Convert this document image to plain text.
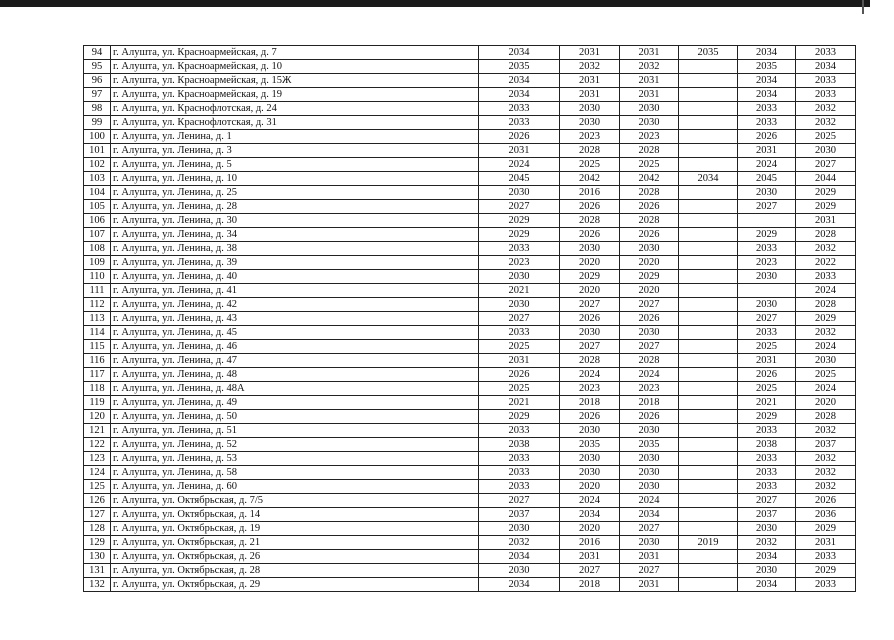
94	г. Алушта, ул. Красноармейская, д. 7	2034	2031	2031	2035	2034	2033
95	г. Алушта, ул. Красноармейская, д. 10	2035	2032	2032		2035	2034
96	г. Алушта, ул. Красноармейская, д. 15Ж	2034	2031	2031		2034	2033
97	г. Алушта, ул. Красноармейская, д. 19	2034	2031	2031		2034	2033
98	г. Алушта, ул. Краснофлотская, д. 24	2033	2030	2030		2033	2032
99	г. Алушта, ул. Краснофлотская, д. 31	2033	2030	2030		2033	2032
100	г. Алушта, ул. Ленина, д. 1	2026	2023	2023		2026	2025
101	г. Алушта, ул. Ленина, д. 3	2031	2028	2028		2031	2030
102	г. Алушта, ул. Ленина, д. 5	2024	2025	2025		2024	2027
103	г. Алушта, ул. Ленина, д. 10	2045	2042	2042	2034	2045	2044
104	г. Алушта, ул. Ленина, д. 25	2030	2016	2028		2030	2029
105	г. Алушта, ул. Ленина, д. 28	2027	2026	2026		2027	2029
106	г. Алушта, ул. Ленина, д. 30	2029	2028	2028			2031
107	г. Алушта, ул. Ленина, д. 34	2029	2026	2026		2029	2028
108	г. Алушта, ул. Ленина, д. 38	2033	2030	2030		2033	2032
109	г. Алушта, ул. Ленина, д. 39	2023	2020	2020		2023	2022
110	г. Алушта, ул. Ленина, д. 40	2030	2029	2029		2030	2033
111	г. Алушта, ул. Ленина, д. 41	2021	2020	2020			2024
112	г. Алушта, ул. Ленина, д. 42	2030	2027	2027		2030	2028
113	г. Алушта, ул. Ленина, д. 43	2027	2026	2026		2027	2029
114	г. Алушта, ул. Ленина, д. 45	2033	2030	2030		2033	2032
115	г. Алушта, ул. Ленина, д. 46	2025	2027	2027		2025	2024
116	г. Алушта, ул. Ленина, д. 47	2031	2028	2028		2031	2030
117	г. Алушта, ул. Ленина, д. 48	2026	2024	2024		2026	2025
118	г. Алушта, ул. Ленина, д. 48А	2025	2023	2023		2025	2024
119	г. Алушта, ул. Ленина, д. 49	2021	2018	2018		2021	2020
120	г. Алушта, ул. Ленина, д. 50	2029	2026	2026		2029	2028
121	г. Алушта, ул. Ленина, д. 51	2033	2030	2030		2033	2032
122	г. Алушта, ул. Ленина, д. 52	2038	2035	2035		2038	2037
123	г. Алушта, ул. Ленина, д. 53	2033	2030	2030		2033	2032
124	г. Алушта, ул. Ленина, д. 58	2033	2030	2030		2033	2032
125	г. Алушта, ул. Ленина, д. 60	2033	2020	2030		2033	2032
126	г. Алушта, ул. Октябрьская, д. 7/5	2027	2024	2024		2027	2026
127	г. Алушта, ул. Октябрьская, д. 14	2037	2034	2034		2037	2036
128	г. Алушта, ул. Октябрьская, д. 19	2030	2020	2027		2030	2029
129	г. Алушта, ул. Октябрьская, д. 21	2032	2016	2030	2019	2032	2031
130	г. Алушта, ул. Октябрьская, д. 26	2034	2031	2031		2034	2033
131	г. Алушта, ул. Октябрьская, д. 28	2030	2027	2027		2030	2029
132	г. Алушта, ул. Октябрьская, д. 29	2034	2018	2031		2034	2033
